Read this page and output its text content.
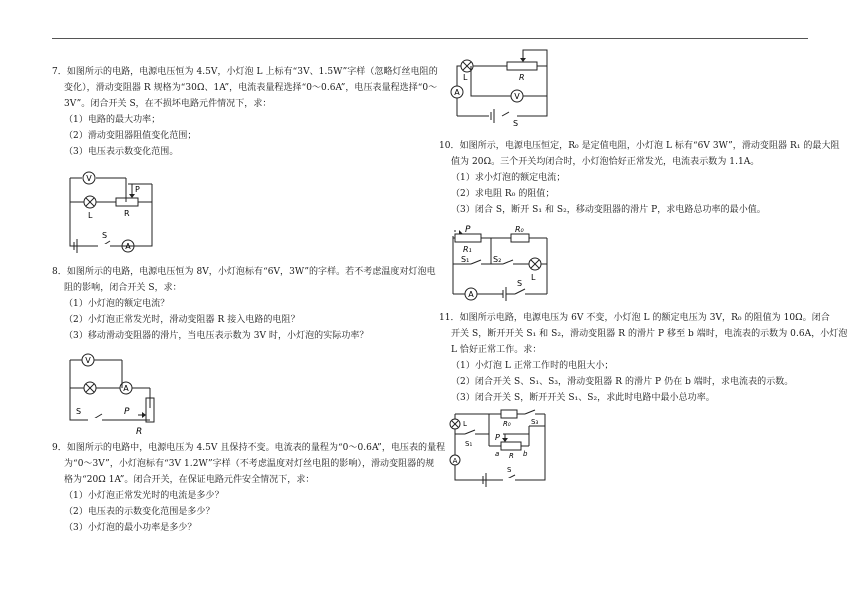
7．如图所示的电路，电源电压恒为 4.5V，小灯泡 L 上标有“3V、1.5W”字样（忽略灯丝电阻的
变化），滑动变阻器 R 规格为“30Ω、1A”，电流表量程选择“0～0.6A”，电压表量程选择“0～
3V”。闭合开关 S，在不损坏电路元件情况下，求：
（1）电路的最大功率；
（2）滑动变阻器阻值变化范围；
（3）电压表示数变化范围。
V
P
L	R
S
A
8．如图所示的电路，电源电压恒为 8V，小灯泡标有“6V，3W”的字样。若不考虑温度对灯泡电
阻的影响，闭合开关 S，求：
（1）小灯泡的额定电流？
（2）小灯泡正常发光时，滑动变阻器 R 接入电路的电阻？
（3）移动滑动变阻器的滑片，当电压表示数为 3V 时，小灯泡的实际功率？
V
A
S	P
R
9．如图所示的电路中，电源电压为 4.5V 且保持不变。电流表的量程为“0～0.6A”，电压表的量程
为“0～3V”，小灯泡标有“3V 1.2W”字样（不考虑温度对灯丝电阻的影响），滑动变阻器的规
格为“20Ω 1A”。闭合开关，在保证电路元件安全情况下，求：
（1）小灯泡正常发光时的电流是多少？
（2）电压表的示数变化范围是多少？
（3）小灯泡的最小功率是多少？
L	R
A	V
S
10．如图所示，电源电压恒定，R₀ 是定值电阻，小灯泡 L 标有“6V 3W”，滑动变阻器 R₁ 的最大阻
值为 20Ω。三个开关均闭合时，小灯泡恰好正常发光，电流表示数为 1.1A。
（1）求小灯泡的额定电流；
（2）求电阻 R₀ 的阻值；
（3）闭合 S，断开 S₁ 和 S₂，移动变阻器的滑片 P，求电路总功率的最小值。
P	R₀
R₁
S₁	S₂
L
A
S
11．如图所示电路，电源电压为 6V 不变，小灯泡 L 的额定电压为 3V，R₀ 的阻值为 10Ω。闭合
开关 S，断开开关 S₁ 和 S₂，滑动变阻器 R 的滑片 P 移至 b 端时，电流表的示数为 0.6A，小灯泡
L 恰好正常工作。求：
（1）小灯泡 L 正常工作时的电阻大小；
（2）闭合开关 S、S₁、S₃，滑动变阻器 R 的滑片 P 仍在 b 端时，求电流表的示数。
（3）闭合开关 S，断开开关 S₁、S₂，求此时电路中最小总功率。
L	R₀	S₃
S₁
P
a R b
A
S
